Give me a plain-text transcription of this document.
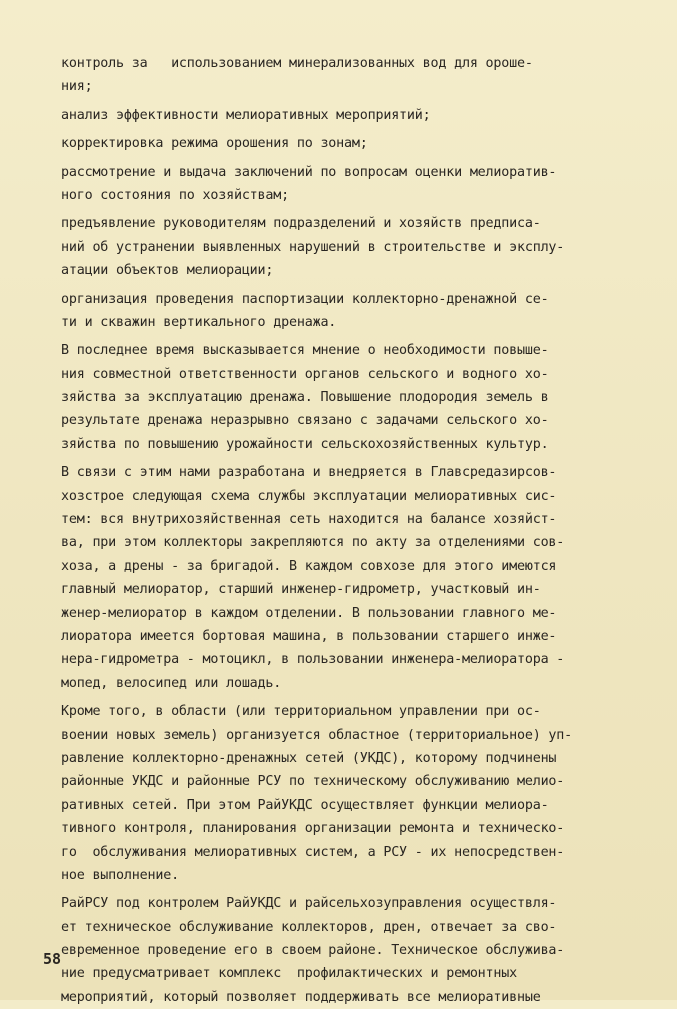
контроль за   использованием минерализованных вод для ороше-
ния;
анализ эффективности мелиоративных мероприятий;
корректировка режима орошения по зонам;
рассмотрение и выдача заключений по вопросам оценки мелиоратив-
ного состояния по хозяйствам;
предъявление руководителям подразделений и хозяйств предписа-
ний об устранении выявленных нарушений в строительстве и эксплу-
атации объектов мелиорации;
организация проведения паспортизации коллекторно-дренажной се-
ти и скважин вертикального дренажа.
В последнее время высказывается мнение о необходимости повыше-
ния совместной ответственности органов сельского и водного хо-
зяйства за эксплуатацию дренажа. Повышение плодородия земель в
результате дренажа неразрывно связано с задачами сельского хо-
зяйства по повышению урожайности сельскохозяйственных культур.
В связи с этим нами разработана и внедряется в Главсредазирсов-
хозстрое следующая схема службы эксплуатации мелиоративных сис-
тем: вся внутрихозяйственная сеть находится на балансе хозяйст-
ва, при этом коллекторы закрепляются по акту за отделениями сов-
хоза, а дрены - за бригадой. В каждом совхозе для этого имеются
главный мелиоратор, старший инженер-гидрометр, участковый ин-
женер-мелиоратор в каждом отделении. В пользовании главного ме-
лиоратора имеется бортовая машина, в пользовании старшего инже-
нера-гидрометра - мотоцикл, в пользовании инженера-мелиоратора -
мопед, велосипед или лошадь.
Кроме того, в области (или территориальном управлении при ос-
воении новых земель) организуется областное (территориальное) уп-
равление коллекторно-дренажных сетей (УКДС), которому подчинены
районные УКДС и районные РСУ по техническому обслуживанию мелио-
ративных сетей. При этом РайУКДС осуществляет функции мелиора-
тивного контроля, планирования организации ремонта и техническо-
го  обслуживания мелиоративных систем, а РСУ - их непосредствен-
ное выполнение.
РайРСУ под контролем РайУКДС и райсельхозуправления осуществля-
ет техническое обслуживание коллекторов, дрен, отвечает за сво-
евременное проведение его в своем районе. Техническое обслужива-
ние предусматривает комплекс  профилактических и ремонтных
мероприятий, который позволяет поддерживать все мелиоративные
58
